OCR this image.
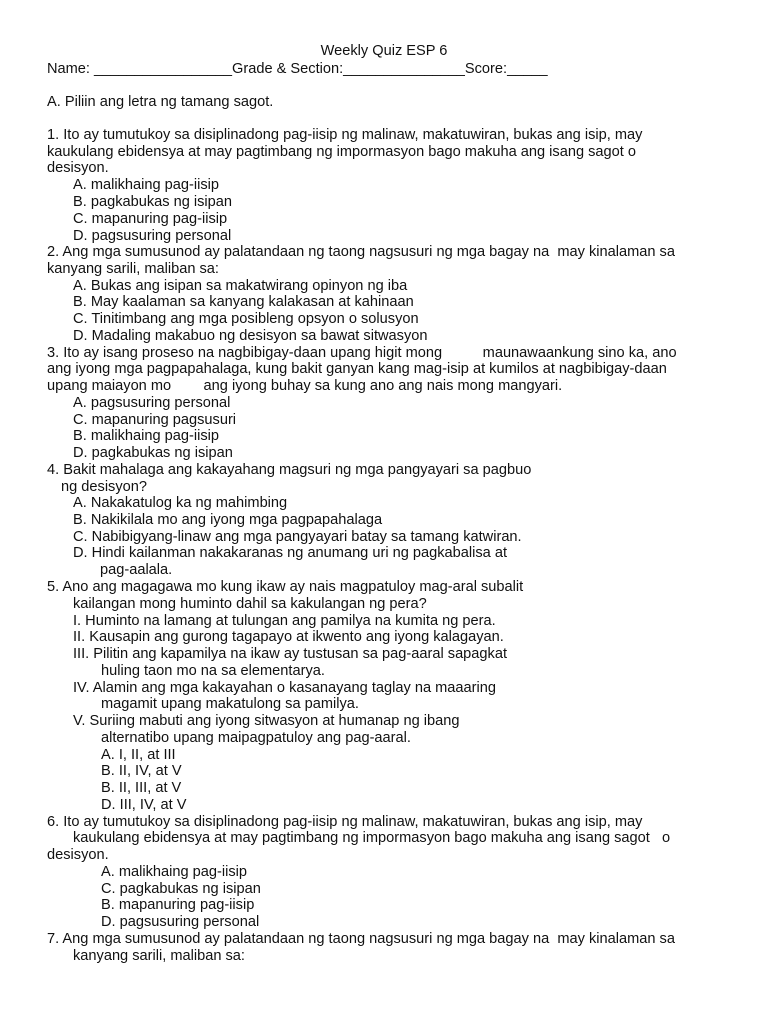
Weekly Quiz ESP 6
Name: _________________Grade & Section:_______________Score:_____
A. Piliin ang letra ng tamang sagot.
1. Ito ay tumutukoy sa disiplinadong pag-iisip ng malinaw, makatuwiran, bukas ang isip, may
kaukulang ebidensya at may pagtimbang ng impormasyon bago makuha ang isang sagot o
desisyon.
A. malikhaing pag-iisip
B. pagkabukas ng isipan
C. mapanuring pag-iisip
D. pagsusuring personal
2. Ang mga sumusunod ay palatandaan ng taong nagsusuri ng mga bagay na  may kinalaman sa
kanyang sarili, maliban sa:
A. Bukas ang isipan sa makatwirang opinyon ng iba
B. May kaalaman sa kanyang kalakasan at kahinaan
C. Tinitimbang ang mga posibleng opsyon o solusyon
D. Madaling makabuo ng desisyon sa bawat sitwasyon
3. Ito ay isang proseso na nagbibigay-daan upang higit mong          maunawaankung sino ka, ano
ang iyong mga pagpapahalaga, kung bakit ganyan kang mag-isip at kumilos at nagbibigay-daan
upang maiayon mo        ang iyong buhay sa kung ano ang nais mong mangyari.
A. pagsusuring personal
C. mapanuring pagsusuri
B. malikhaing pag-iisip
D. pagkabukas ng isipan
4. Bakit mahalaga ang kakayahang magsuri ng mga pangyayari sa pagbuo
ng desisyon?
A. Nakakatulog ka ng mahimbing
B. Nakikilala mo ang iyong mga pagpapahalaga
C. Nabibigyang-linaw ang mga pangyayari batay sa tamang katwiran.
D. Hindi kailanman nakakaranas ng anumang uri ng pagkabalisa at
pag-aalala.
5. Ano ang magagawa mo kung ikaw ay nais magpatuloy mag-aral subalit
kailangan mong huminto dahil sa kakulangan ng pera?
I. Huminto na lamang at tulungan ang pamilya na kumita ng pera.
II. Kausapin ang gurong tagapayo at ikwento ang iyong kalagayan.
III. Pilitin ang kapamilya na ikaw ay tustusan sa pag-aaral sapagkat
huling taon mo na sa elementarya.
IV. Alamin ang mga kakayahan o kasanayang taglay na maaaring
magamit upang makatulong sa pamilya.
V. Suriing mabuti ang iyong sitwasyon at humanap ng ibang
alternatibo upang maipagpatuloy ang pag-aaral.
A. I, II, at III
B. II, IV, at V
B. II, III, at V
D. III, IV, at V
6. Ito ay tumutukoy sa disiplinadong pag-iisip ng malinaw, makatuwiran, bukas ang isip, may
kaukulang ebidensya at may pagtimbang ng impormasyon bago makuha ang isang sagot   o
desisyon.
A. malikhaing pag-iisip
C. pagkabukas ng isipan
B. mapanuring pag-iisip
D. pagsusuring personal
7. Ang mga sumusunod ay palatandaan ng taong nagsusuri ng mga bagay na  may kinalaman sa
kanyang sarili, maliban sa:
